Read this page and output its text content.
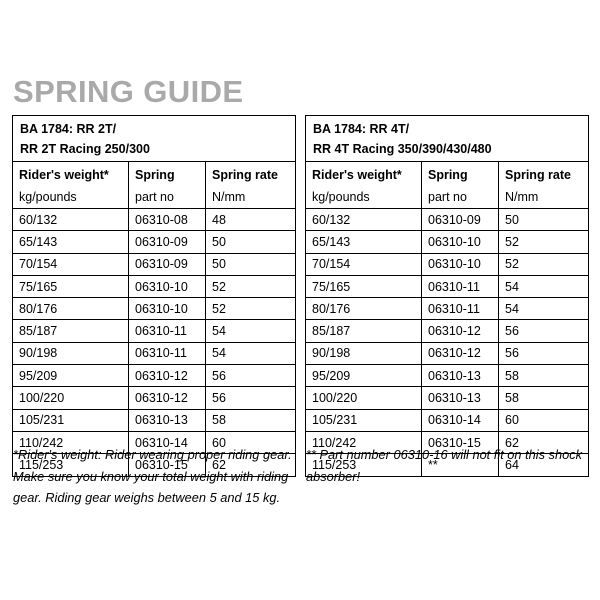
SPRING GUIDE
BA 1784: RR 2T/		
RR 2T Racing 250/300		
Rider's weight*	Spring	Spring rate
kg/pounds	part no	N/mm
60/132	06310-08	48
65/143	06310-09	50
70/154	06310-09	50
75/165	06310-10	52
80/176	06310-10	52
85/187	06310-11	54
90/198	06310-11	54
95/209	06310-12	56
100/220	06310-12	56
105/231	06310-13	58
110/242	06310-14	60
115/253	06310-15	62
BA 1784: RR 4T/		
RR 4T Racing 350/390/430/480		
Rider's weight*	Spring	Spring rate
kg/pounds	part no	N/mm
60/132	06310-09	50
65/143	06310-10	52
70/154	06310-10	52
75/165	06310-11	54
80/176	06310-11	54
85/187	06310-12	56
90/198	06310-12	56
95/209	06310-13	58
100/220	06310-13	58
105/231	06310-14	60
110/242	06310-15	62
115/253	**	64

*Rider's weight: Rider wearing proper riding gear. Make sure you know your total weight with riding gear. Riding gear weighs between 5 and 15 kg.

** Part number 06310-16 will not fit on this shock absorber!
